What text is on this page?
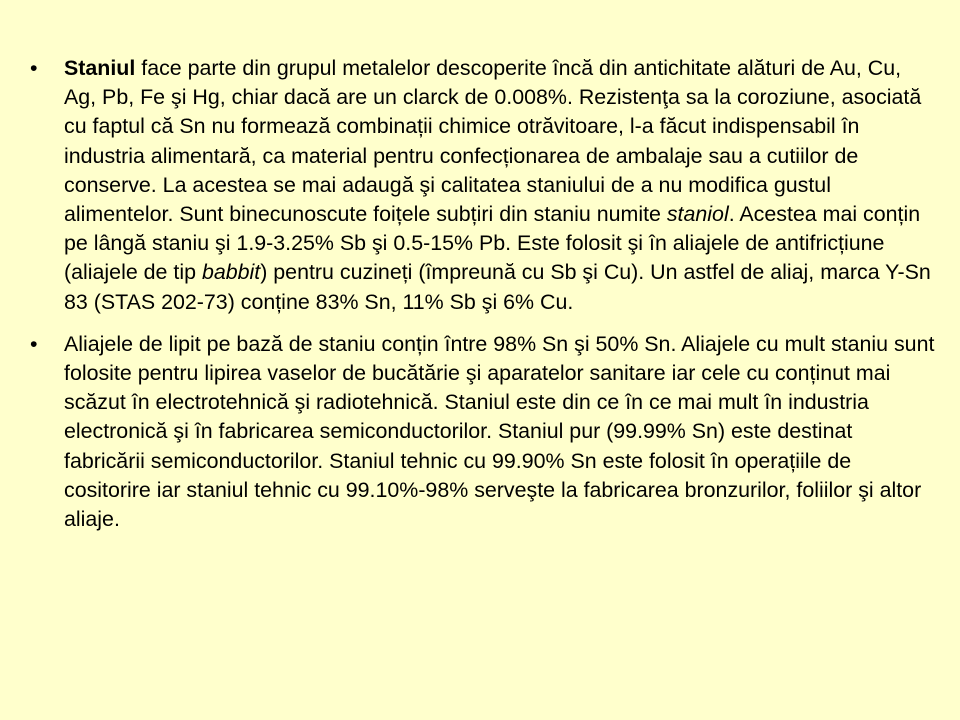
•	Staniul face parte din grupul metalelor descoperite încă din antichitate alături de Au, Cu, Ag, Pb, Fe şi Hg, chiar dacă are un clarck de 0.008%. Rezistenţa sa la coroziune, asociată cu faptul că Sn nu formează combinații chimice otrăvitoare, l-a făcut indispensabil în industria alimentară, ca material pentru confecționarea de ambalaje sau a cutiilor de conserve. La acestea se mai adaugă şi calitatea staniului de a nu modifica gustul alimentelor. Sunt binecunoscute foițele subțiri din staniu numite staniol. Acestea mai conțin pe lângă staniu şi 1.9-3.25% Sb şi 0.5-15% Pb. Este folosit şi în aliajele de antifricțiune (aliajele de tip babbit) pentru cuzineți (împreună cu Sb şi Cu). Un astfel de aliaj, marca Y-Sn 83 (STAS 202-73) conține 83% Sn, 11% Sb şi 6% Cu.
•	Aliajele de lipit pe bază de staniu conțin între 98% Sn şi 50% Sn. Aliajele cu mult staniu sunt folosite pentru lipirea vaselor de bucătărie şi aparatelor sanitare iar cele cu conținut mai scăzut în electrotehnică şi radiotehnică. Staniul este din ce în ce mai mult în industria electronică şi în fabricarea semiconductorilor. Staniul pur (99.99% Sn) este destinat fabricării semiconductorilor. Staniul tehnic cu 99.90% Sn este folosit în operațiile de cositorire iar staniul tehnic cu 99.10%-98% serveşte la fabricarea bronzurilor, foliilor şi altor aliaje.
